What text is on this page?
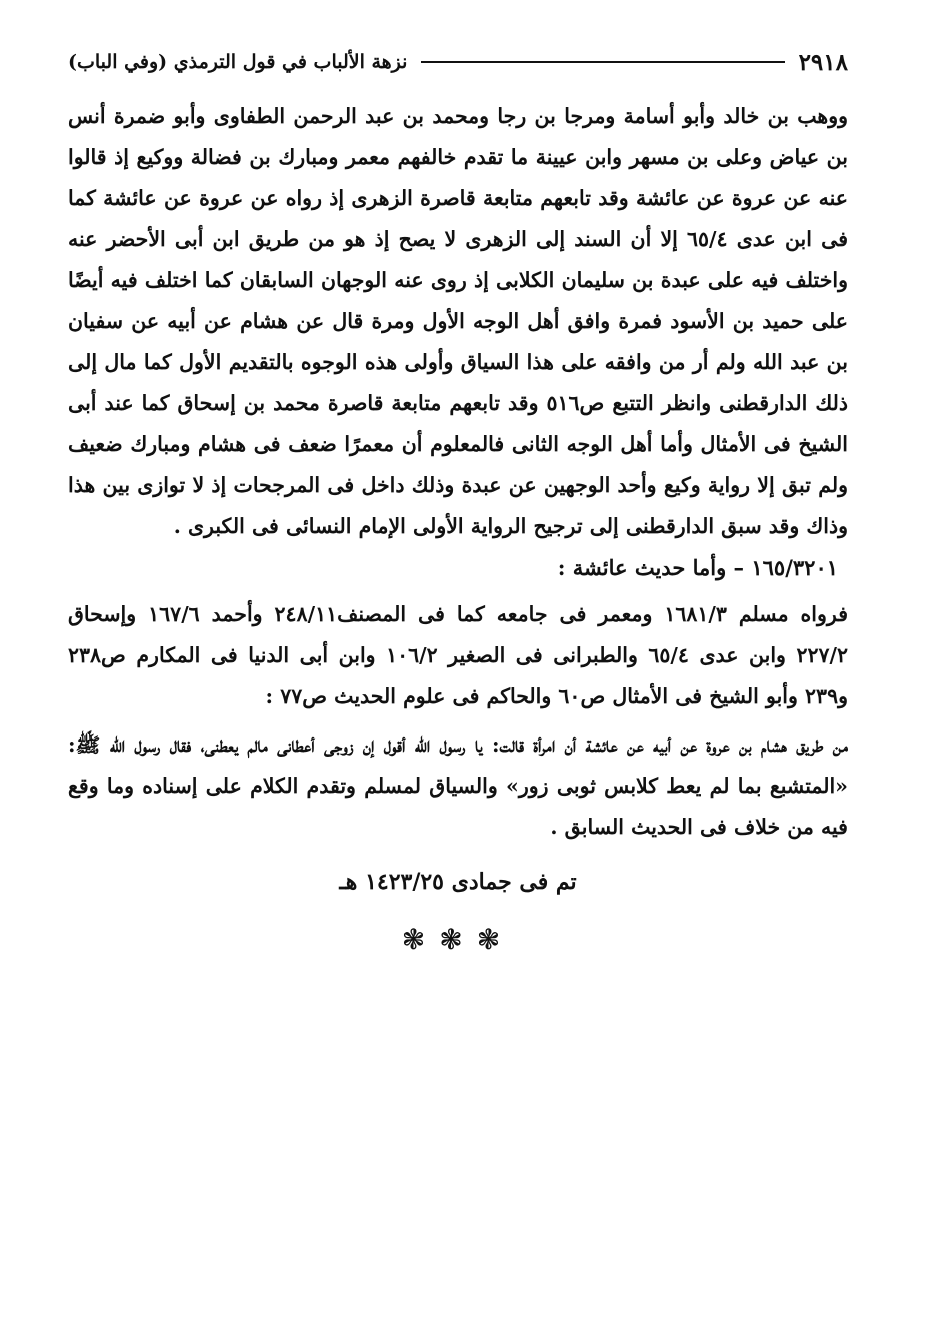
٢٩١٨
نزهة الألباب في قول الترمذي (وفي الباب)

ووهب بن خالد وأبو أسامة ومرجا بن رجا ومحمد بن عبد الرحمن الطفاوى وأبو ضمرة أنس بن عياض وعلى بن مسهر وابن عيينة ما تقدم خالفهم معمر ومبارك بن فضالة ووكيع إذ قالوا عنه عن عروة عن عائشة وقد تابعهم متابعة قاصرة الزهرى إذ رواه عن عروة عن عائشة كما فى ابن عدى ٦٥/٤ إلا أن السند إلى الزهرى لا يصح إذ هو من طريق ابن أبى الأحضر عنه واختلف فيه على عبدة بن سليمان الكلابى إذ روى عنه الوجهان السابقان كما اختلف فيه أيضًا على حميد بن الأسود فمرة وافق أهل الوجه الأول ومرة قال عن هشام عن أبيه عن سفيان بن عبد الله ولم أر من وافقه على هذا السياق وأولى هذه الوجوه بالتقديم الأول كما مال إلى ذلك الدارقطنى وانظر التتبع ص٥١٦ وقد تابعهم متابعة قاصرة محمد بن إسحاق كما عند أبى الشيخ فى الأمثال وأما أهل الوجه الثانى فالمعلوم أن معمرًا ضعف فى هشام ومبارك ضعيف ولم تبق إلا رواية وكيع وأحد الوجهين عن عبدة وذلك داخل فى المرجحات إذ لا توازى بين هذا وذاك وقد سبق الدارقطنى إلى ترجيح الرواية الأولى الإمام النسائى فى الكبرى .

١٦٥/٣٢٠١ – وأما حديث عائشة :

فرواه مسلم ١٦٨١/٣ ومعمر فى جامعه كما فى المصنف٢٤٨/١١ وأحمد ١٦٧/٦ وإسحاق ٢٢٧/٢ وابن عدى ٦٥/٤ والطبرانى فى الصغير ١٠٦/٢ وابن أبى الدنيا فى المكارم ص٢٣٨ و٢٣٩ وأبو الشيخ فى الأمثال ص٦٠ والحاكم فى علوم الحديث ص٧٧ :

من طريق هشام بن عروة عن أبيه عن عائشة أن امرأة قالت: يا رسول الله أقول إن زوجى أعطانى مالم يعطنى، فقال رسول الله ﷺ: «المتشبع بما لم يعط كلابس ثوبى زور» والسياق لمسلم وتقدم الكلام على إسناده وما وقع فيه من خلاف فى الحديث السابق .

تم فى جمادى ١٤٢٣/٢٥ هـ
❃❃❃
